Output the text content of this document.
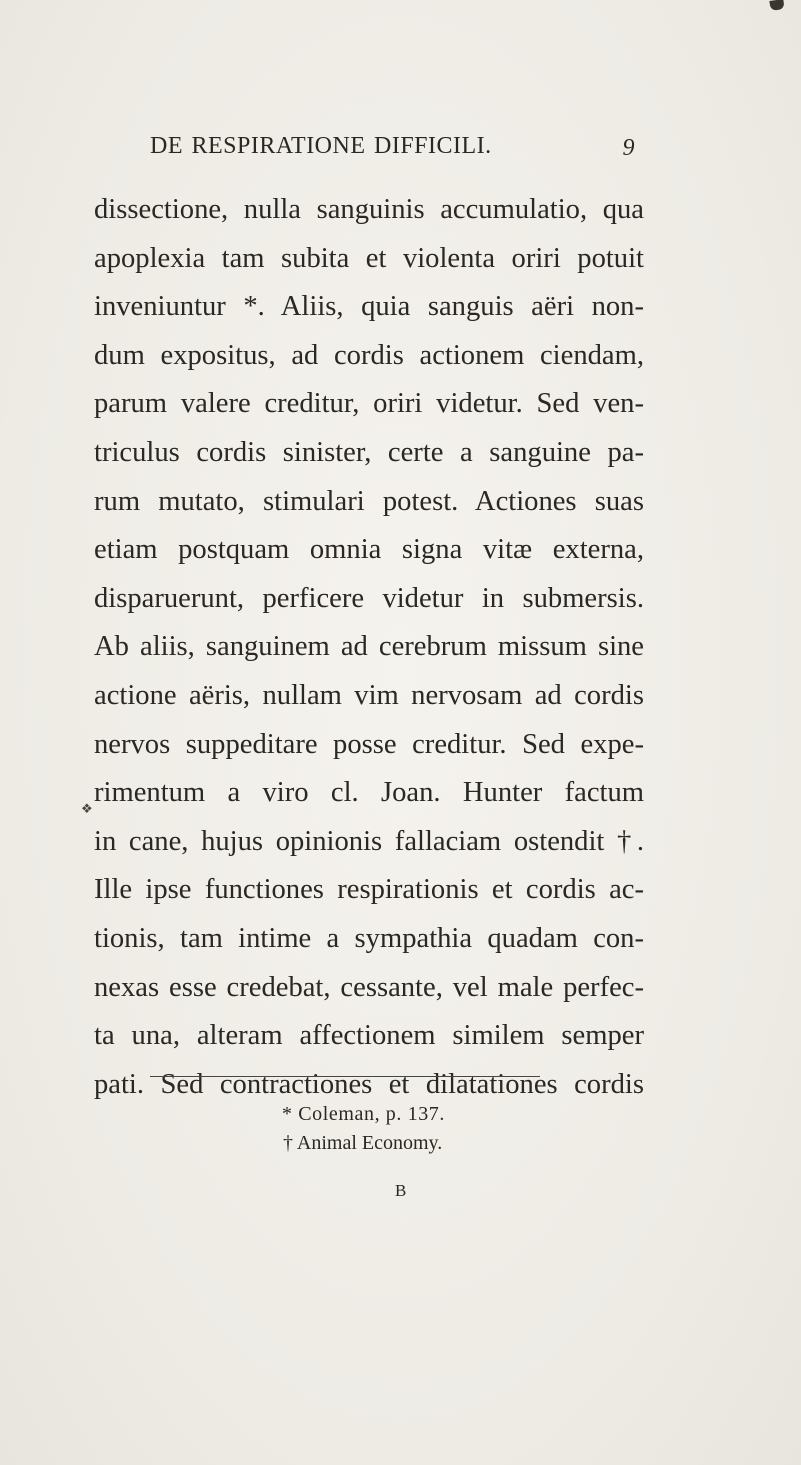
DE RESPIRATIONE DIFFICILI.	9
dissectione, nulla sanguinis accumulatio, qua
apoplexia tam subita et violenta oriri potuit
inveniuntur *. Aliis, quia sanguis aëri non-
dum expositus, ad cordis actionem ciendam,
parum valere creditur, oriri videtur. Sed ven-
triculus cordis sinister, certe a sanguine pa-
rum mutato, stimulari potest. Actiones suas
etiam postquam omnia signa vitæ externa,
disparuerunt, perficere videtur in submersis.
Ab aliis, sanguinem ad cerebrum missum sine
actione aëris, nullam vim nervosam ad cordis
nervos suppeditare posse creditur. Sed expe-
rimentum a viro cl. Joan. Hunter factum
in cane, hujus opinionis fallaciam ostendit †.
Ille ipse functiones respirationis et cordis ac-
tionis, tam intime a sympathia quadam con-
nexas esse credebat, cessante, vel male perfec-
ta una, alteram affectionem similem semper
pati. Sed contractiones et dilatationes cordis
❖
* Coleman, p. 137.
† Animal Economy.
B
